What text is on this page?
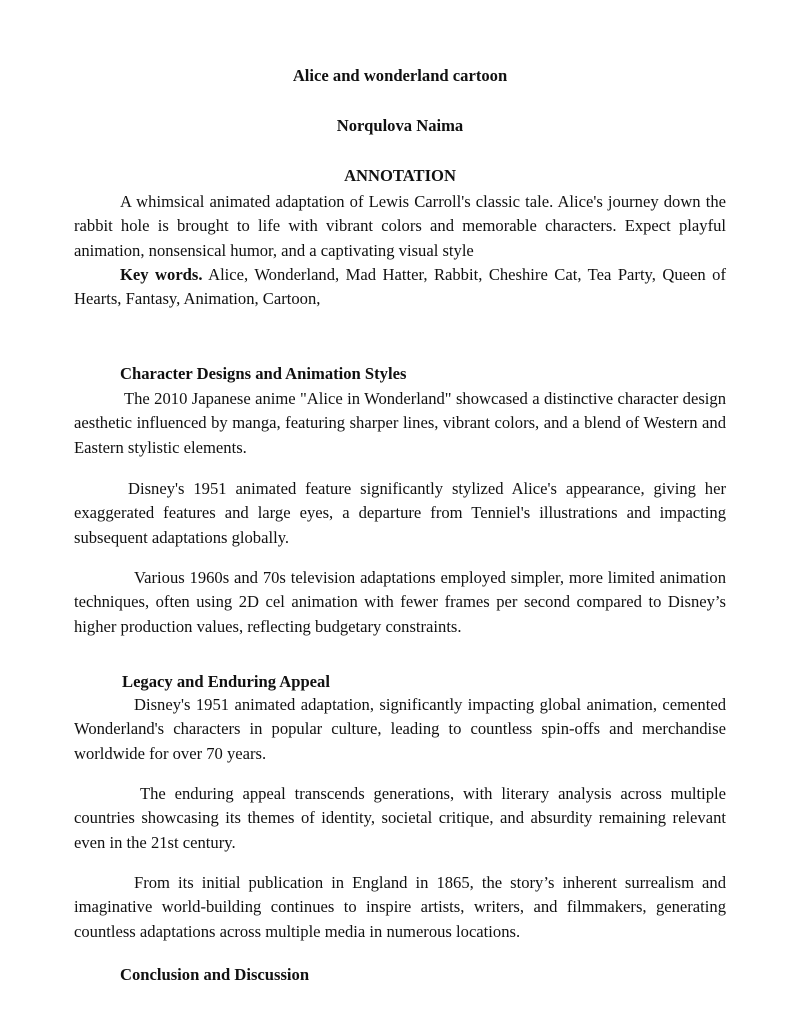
Alice and wonderland cartoon

Norqulova Naima

ANNOTATION

A whimsical animated adaptation of Lewis Carroll's classic tale. Alice's journey down the rabbit hole is brought to life with vibrant colors and memorable characters. Expect playful animation, nonsensical humor, and a captivating visual style

Key words. Alice, Wonderland, Mad Hatter, Rabbit, Cheshire Cat, Tea Party, Queen of Hearts, Fantasy, Animation, Cartoon,

Character Designs and Animation Styles

The 2010 Japanese anime "Alice in Wonderland" showcased a distinctive character design aesthetic influenced by manga, featuring sharper lines, vibrant colors, and a blend of Western and Eastern stylistic elements.

Disney's 1951 animated feature significantly stylized Alice's appearance, giving her exaggerated features and large eyes, a departure from Tenniel's illustrations and impacting subsequent adaptations globally.

Various 1960s and 70s television adaptations employed simpler, more limited animation techniques, often using 2D cel animation with fewer frames per second compared to Disney’s higher production values, reflecting budgetary constraints.

Legacy and Enduring Appeal

Disney's 1951 animated adaptation, significantly impacting global animation, cemented Wonderland's characters in popular culture, leading to countless spin-offs and merchandise worldwide for over 70 years.

The enduring appeal transcends generations, with literary analysis across multiple countries showcasing its themes of identity, societal critique, and absurdity remaining relevant even in the 21st century.

From its initial publication in England in 1865, the story’s inherent surrealism and imaginative world-building continues to inspire artists, writers, and filmmakers, generating countless adaptations across multiple media in numerous locations.

Conclusion and Discussion
